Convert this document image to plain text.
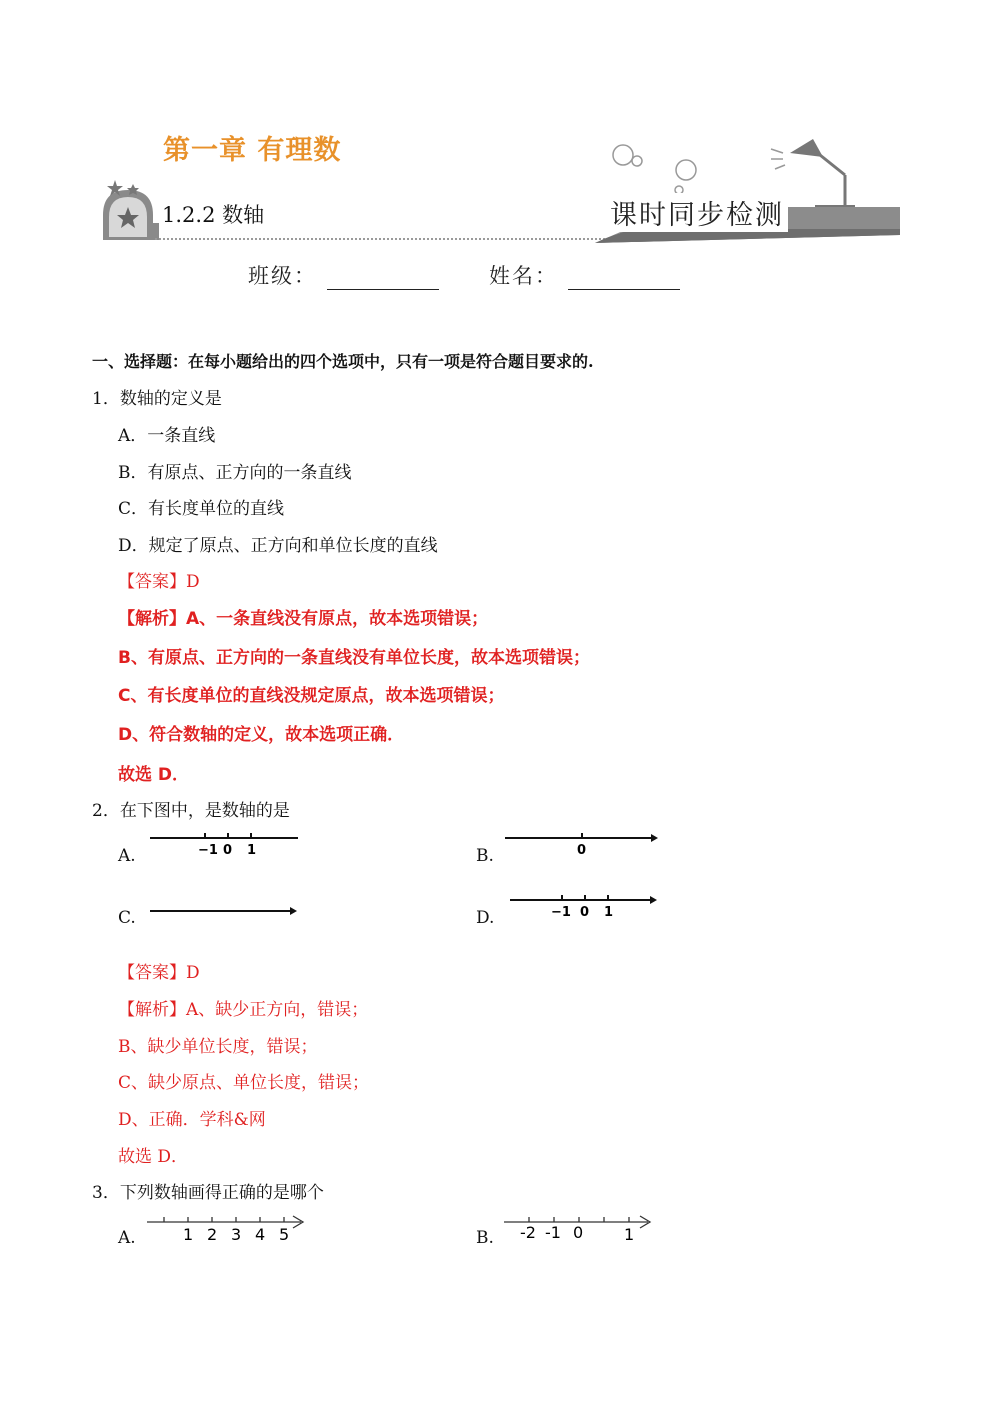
第一章 有理数
1.2.2 数轴	课时同步检测
班级：	姓名：
一、选择题：在每小题给出的四个选项中，只有一项是符合题目要求的.
1．数轴的定义是
A．一条直线
B．有原点、正方向的一条直线
C．有长度单位的直线
D．规定了原点、正方向和单位长度的直线
【答案】D
【解析】A、一条直线没有原点，故本选项错误；
B、有原点、正方向的一条直线没有单位长度，故本选项错误；
C、有长度单位的直线没规定原点，故本选项错误；
D、符合数轴的定义，故本选项正确．
故选 D．
2．在下图中，是数轴的是
A.	−1 0 1	B.	0
C.	D.	−1 0 1
【答案】D
【解析】A、缺少正方向，错误；
B、缺少单位长度，错误；
C、缺少原点、单位长度，错误；
D、正确．学科&网
故选 D．
3．下列数轴画得正确的是哪个
A.	1 2 3 4 5	B. -2 -1 0	1
